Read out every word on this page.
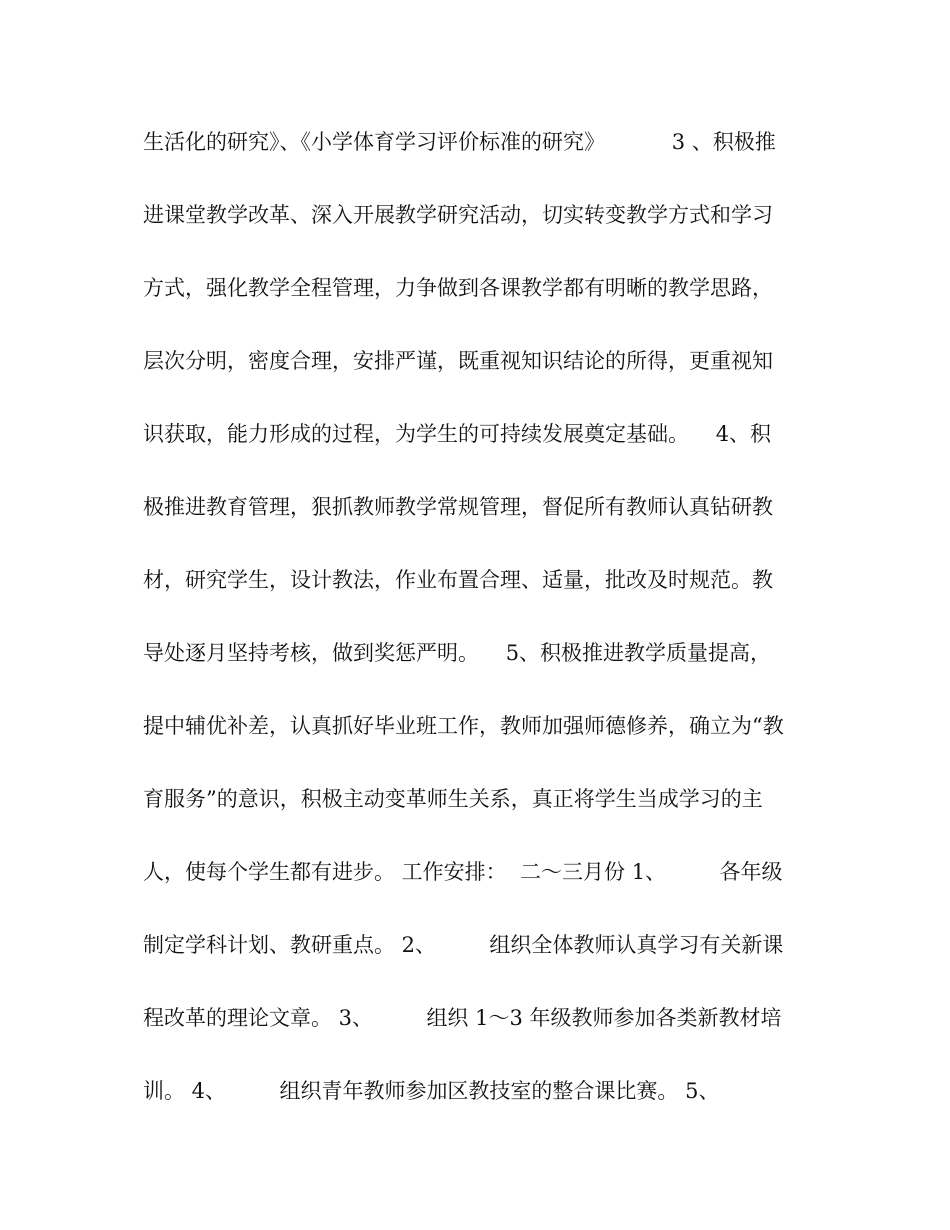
生活化的研究》、《小学体育学习评价标准的研究》          3 、积极推
进课堂教学改革、深入开展教学研究活动，切实转变教学方式和学习
方式，强化教学全程管理，力争做到各课教学都有明晰的教学思路，
层次分明，密度合理，安排严谨，既重视知识结论的所得，更重视知
识获取，能力形成的过程，为学生的可持续发展奠定基础。    4、积
极推进教育管理，狠抓教师教学常规管理，督促所有教师认真钻研教
材，研究学生，设计教法，作业布置合理、适量，批改及时规范。教
导处逐月坚持考核，做到奖惩严明。    5、积极推进教学质量提高，
提中辅优补差，认真抓好毕业班工作，教师加强师德修养，确立为“教
育服务”的意识，积极主动变革师生关系，真正将学生当成学习的主
人，使每个学生都有进步。 工作安排：  二～三月份 1、        各年级
制定学科计划、教研重点。 2、        组织全体教师认真学习有关新课
程改革的理论文章。 3、        组织 1～3 年级教师参加各类新教材培
训。 4、        组织青年教师参加区教技室的整合课比赛。 5、
